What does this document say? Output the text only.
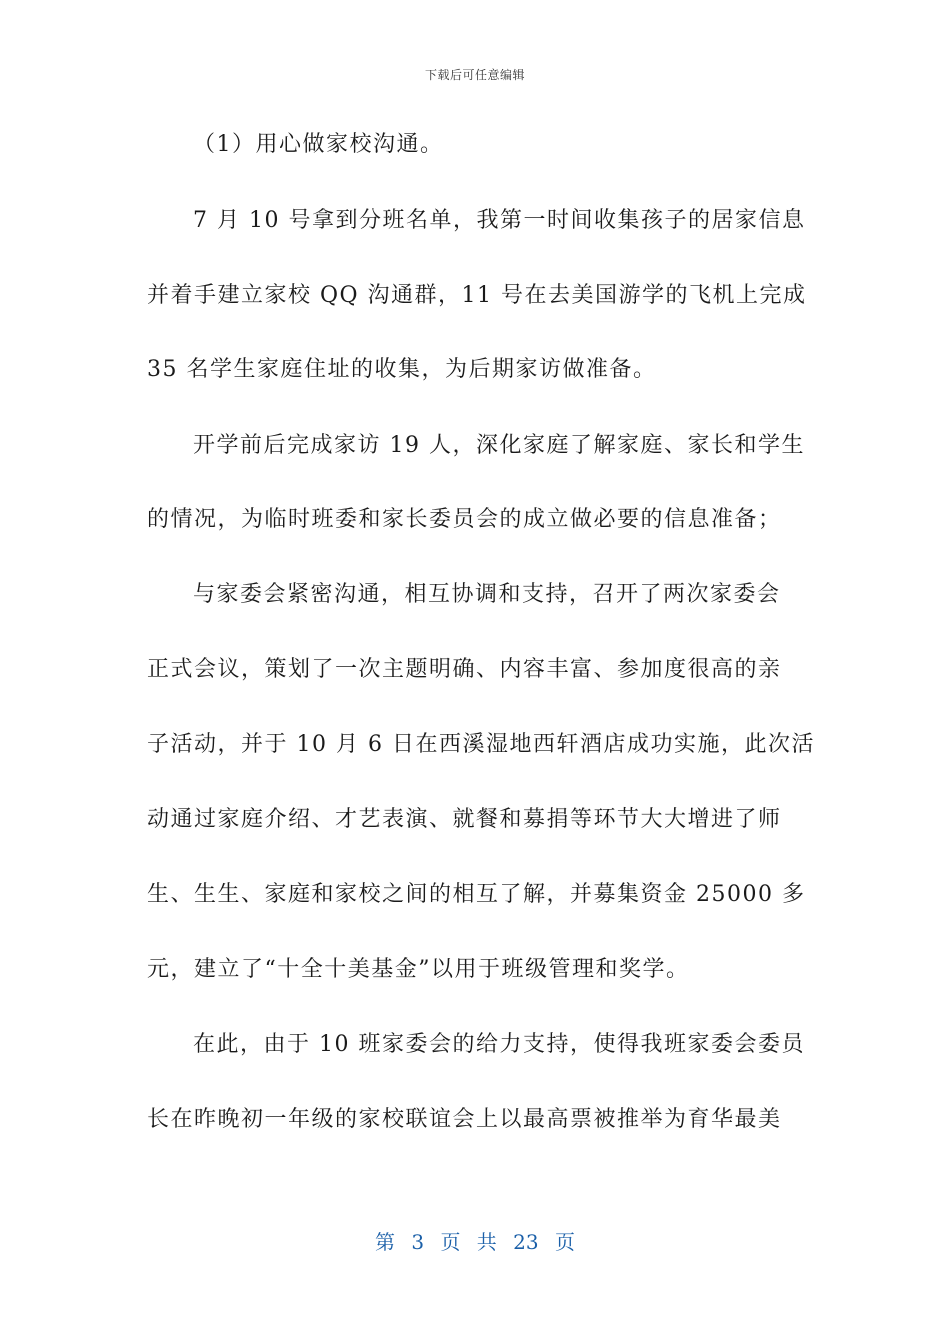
下载后可任意编辑
（1）用心做家校沟通。
7 月 10 号拿到分班名单，我第一时间收集孩子的居家信息
并着手建立家校 QQ 沟通群，11 号在去美国游学的飞机上完成
35 名学生家庭住址的收集，为后期家访做准备。
开学前后完成家访 19 人，深化家庭了解家庭、家长和学生
的情况，为临时班委和家长委员会的成立做必要的信息准备；
与家委会紧密沟通，相互协调和支持，召开了两次家委会
正式会议，策划了一次主题明确、内容丰富、参加度很高的亲
子活动，并于 10 月 6 日在西溪湿地西轩酒店成功实施，此次活
动通过家庭介绍、才艺表演、就餐和募捐等环节大大增进了师
生、生生、家庭和家校之间的相互了解，并募集资金 25000 多
元，建立了“十全十美基金”以用于班级管理和奖学。
在此，由于 10 班家委会的给力支持，使得我班家委会委员
长在昨晚初一年级的家校联谊会上以最高票被推举为育华最美
第 3 页 共 23 页
